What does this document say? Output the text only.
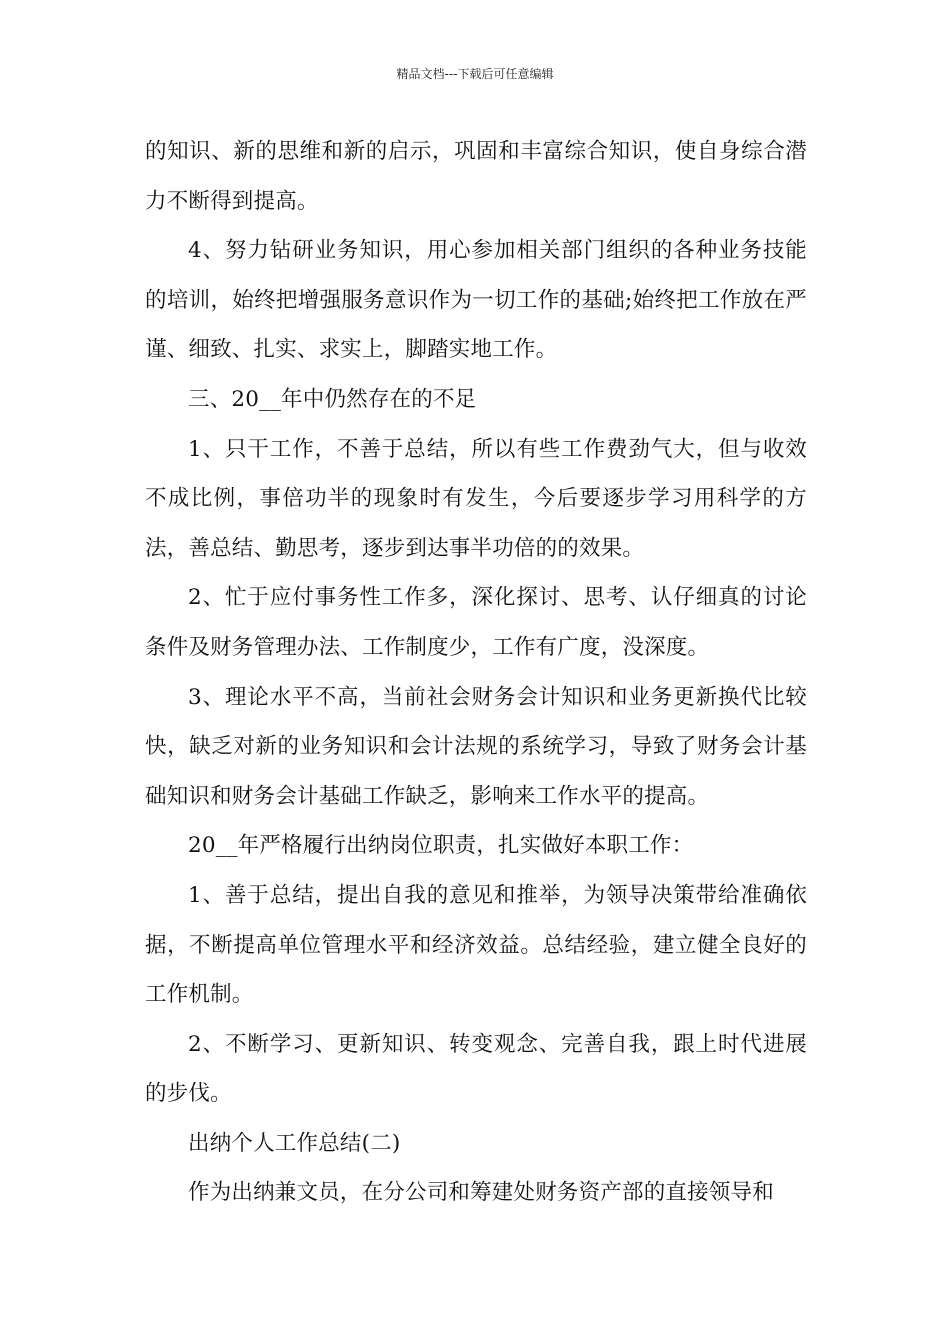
精品文档---下载后可任意编辑

的知识、新的思维和新的启示，巩固和丰富综合知识，使自身综合潜力不断得到提高。

4、努力钻研业务知识，用心参加相关部门组织的各种业务技能的培训，始终把增强服务意识作为一切工作的基础;始终把工作放在严谨、细致、扎实、求实上，脚踏实地工作。

三、20__年中仍然存在的不足

1、只干工作，不善于总结，所以有些工作费劲气大，但与收效不成比例，事倍功半的现象时有发生，今后要逐步学习用科学的方法，善总结、勤思考，逐步到达事半功倍的的效果。

2、忙于应付事务性工作多，深化探讨、思考、认仔细真的讨论条件及财务管理办法、工作制度少，工作有广度，没深度。

3、理论水平不高，当前社会财务会计知识和业务更新换代比较快，缺乏对新的业务知识和会计法规的系统学习，导致了财务会计基础知识和财务会计基础工作缺乏，影响来工作水平的提高。

20__年严格履行出纳岗位职责，扎实做好本职工作：

1、善于总结，提出自我的意见和推举，为领导决策带给准确依据，不断提高单位管理水平和经济效益。总结经验，建立健全良好的工作机制。

2、不断学习、更新知识、转变观念、完善自我，跟上时代进展的步伐。

出纳个人工作总结(二)

作为出纳兼文员，在分公司和筹建处财务资产部的直接领导和
